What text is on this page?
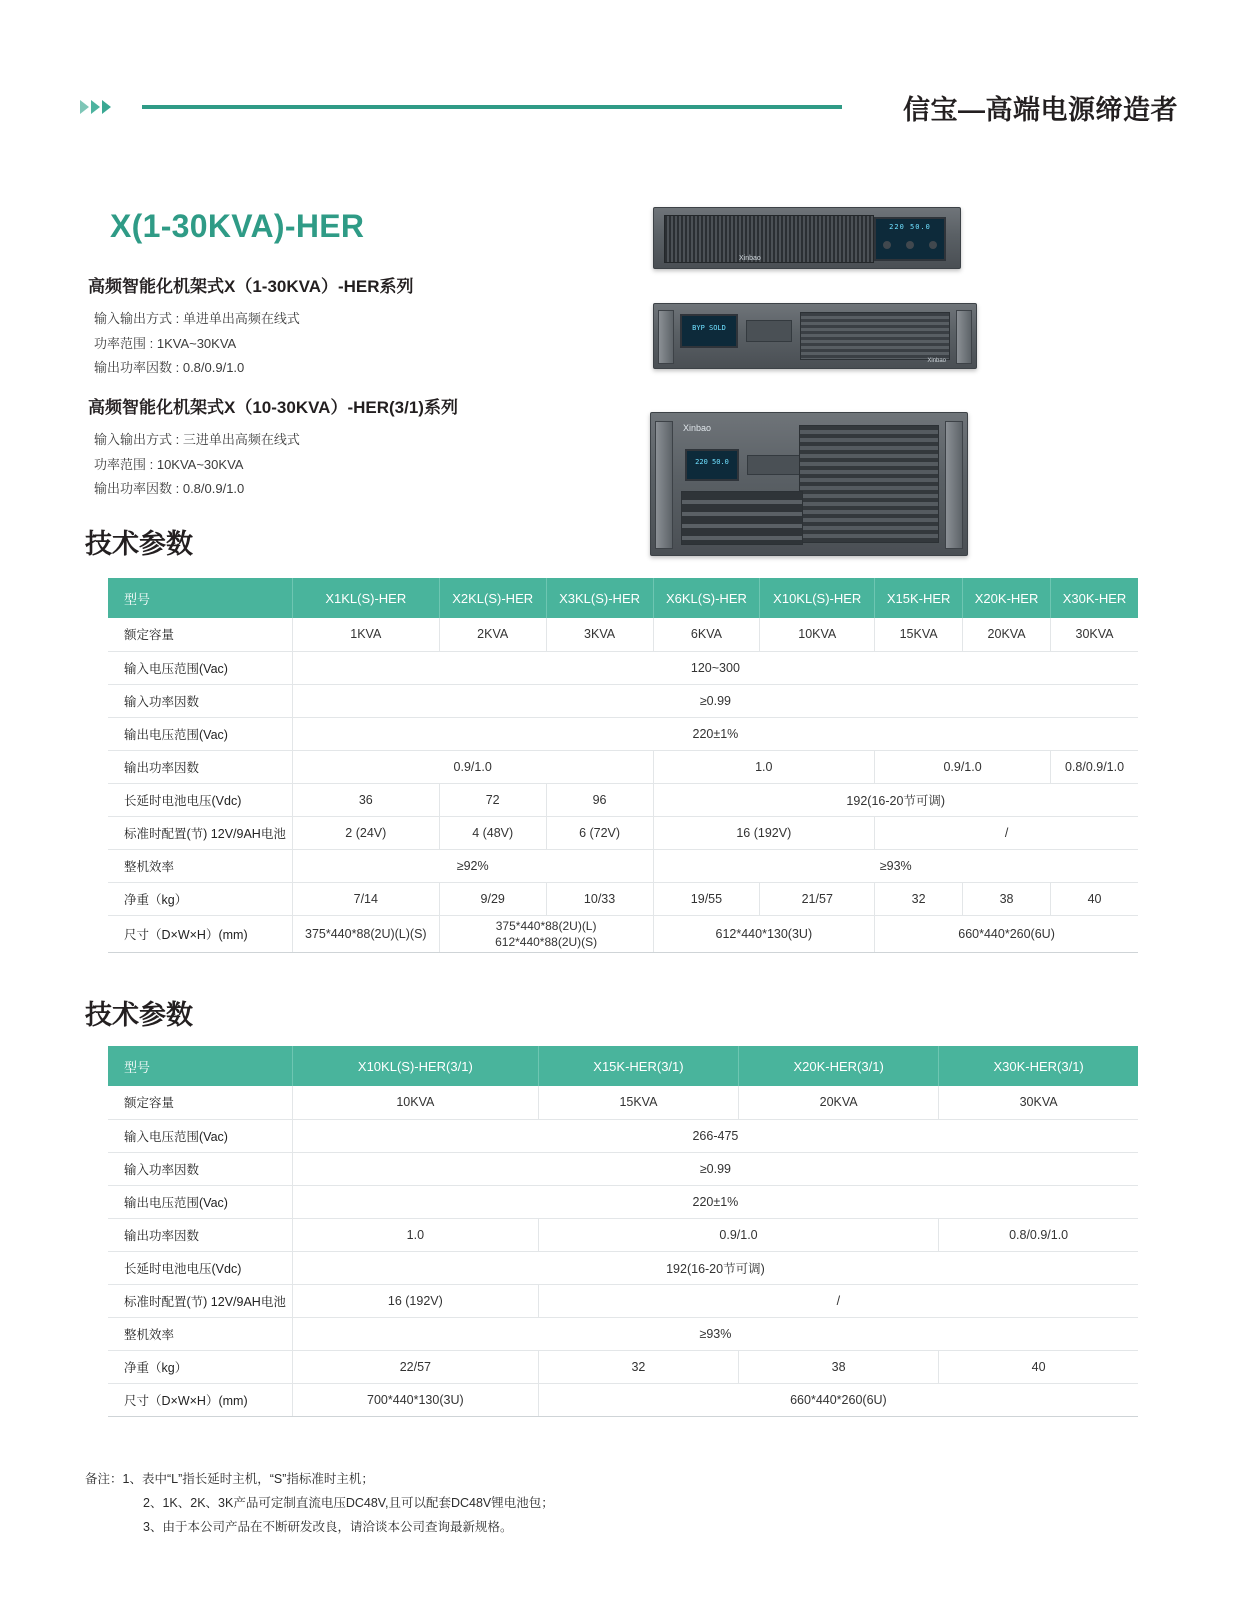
信宝—高端电源缔造者
X(1-30KVA)-HER
高频智能化机架式X（1-30KVA）-HER系列
输入输出方式 : 单进单出高频在线式
功率范围 : 1KVA~30KVA
输出功率因数 : 0.8/0.9/1.0
高频智能化机架式X（10-30KVA）-HER(3/1)系列
输入输出方式 : 三进单出高频在线式
功率范围 : 10KVA~30KVA
输出功率因数 : 0.8/0.9/1.0
220 50.0
Xinbao
BYP SOLD
Xinbao
Xinbao
220 50.0
技术参数
技术参数
型号	X1KL(S)-HER	X2KL(S)-HER	X3KL(S)-HER	X6KL(S)-HER	X10KL(S)-HER	X15K-HER	X20K-HER	X30K-HER
额定容量	1KVA	2KVA	3KVA	6KVA	10KVA	15KVA	20KVA	30KVA
输入电压范围(Vac)	120~300							
输入功率因数	≥0.99							
输出电压范围(Vac)	220±1%							
输出功率因数	0.9/1.0			1.0		0.9/1.0		0.8/0.9/1.0
长延时电池电压(Vdc)	36	72	96	192(16-20节可调)				
标准时配置(节) 12V/9AH电池	2 (24V)	4 (48V)	6 (72V)	16 (192V)		/		
整机效率	≥92%			≥93%				
净重（kg）	7/14	9/29	10/33	19/55	21/57	32	38	40
尺寸（D×W×H）(mm)	375*440*88(2U)(L)(S)	375*440*88(2U)(L)
612*440*88(2U)(S)		612*440*130(3U)		660*440*260(6U)		
型号	X10KL(S)-HER(3/1)	X15K-HER(3/1)	X20K-HER(3/1)	X30K-HER(3/1)
额定容量	10KVA	15KVA	20KVA	30KVA
输入电压范围(Vac)	266-475			
输入功率因数	≥0.99			
输出电压范围(Vac)	220±1%			
输出功率因数	1.0	0.9/1.0		0.8/0.9/1.0
长延时电池电压(Vdc)	192(16-20节可调)			
标准时配置(节) 12V/9AH电池	16 (192V)	/		
整机效率	≥93%			
净重（kg）	22/57	32	38	40
尺寸（D×W×H）(mm)	700*440*130(3U)	660*440*260(6U)		
备注： 1、表中“L”指长延时主机，“S”指标准时主机；
2、1K、2K、3K产品可定制直流电压DC48V,且可以配套DC48V锂电池包；
3、由于本公司产品在不断研发改良，请洽谈本公司查询最新规格。
